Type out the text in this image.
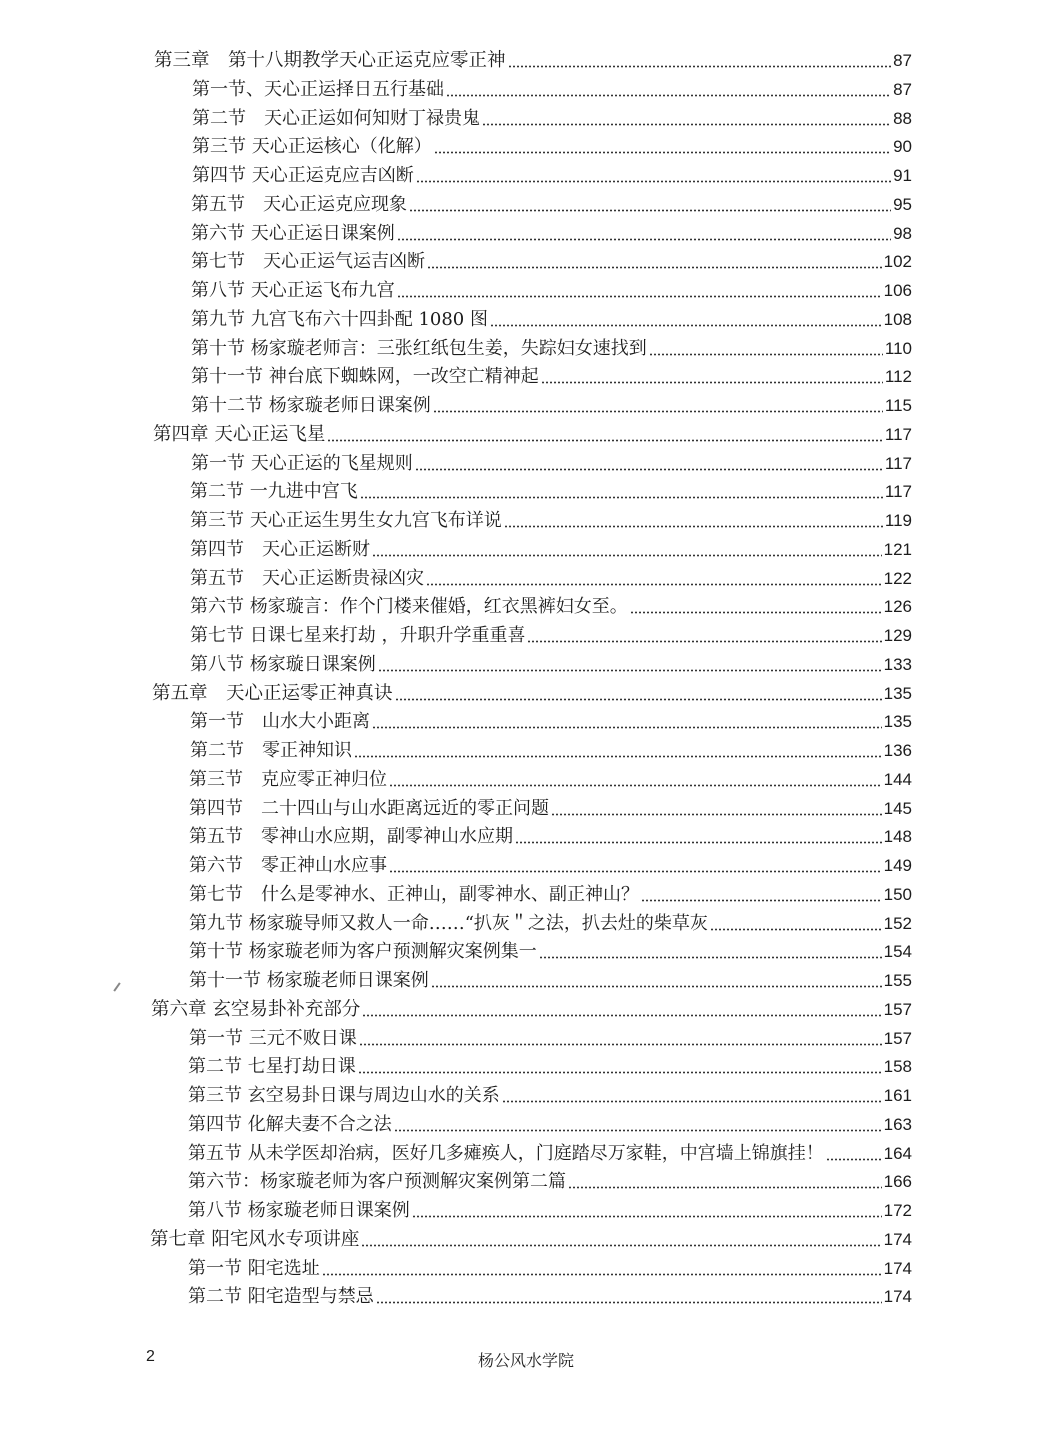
第三章　第十八期教学天心正运克应零正神	87
第一节、天心正运择日五行基础	87
第二节　天心正运如何知财丁禄贵鬼	88
第三节 天心正运核心（化解）	90
第四节 天心正运克应吉凶断	91
第五节　天心正运克应现象	95
第六节 天心正运日课案例	98
第七节　天心正运气运吉凶断	102
第八节 天心正运飞布九宫	106
第九节 九宫飞布六十四卦配 1080 图	108
第十节 杨家璇老师言：三张红纸包生姜，失踪妇女速找到	110
第十一节 神台底下蜘蛛网，一改空亡精神起	112
第十二节 杨家璇老师日课案例	115
第四章 天心正运飞星	117
第一节 天心正运的飞星规则	117
第二节 一九进中宫飞	117
第三节 天心正运生男生女九宫飞布详说	119
第四节　天心正运断财	121
第五节　天心正运断贵禄凶灾	122
第六节 杨家璇言：作个门楼来催婚，红衣黑裤妇女至。	126
第七节 日课七星来打劫 ，升职升学重重喜	129
第八节 杨家璇日课案例	133
第五章　天心正运零正神真诀	135
第一节　山水大小距离	135
第二节　零正神知识	136
第三节　克应零正神归位	144
第四节　二十四山与山水距离远近的零正问题	145
第五节　零神山水应期，副零神山水应期	148
第六节　零正神山水应事	149
第七节　什么是零神水、正神山，副零神水、副正神山？	150
第九节 杨家璇导师又救人一命……“扒灰＂之法，扒去灶的柴草灰	152
第十节 杨家璇老师为客户预测解灾案例集一	154
第十一节 杨家璇老师日课案例	155
第六章 玄空易卦补充部分	157
第一节 三元不败日课	157
第二节 七星打劫日课	158
第三节 玄空易卦日课与周边山水的关系	161
第四节 化解夫妻不合之法	163
第五节 从未学医却治病，医好几多瘫痪人，门庭踏尽万家鞋，中宫墙上锦旗挂！	164
第六节：杨家璇老师为客户预测解灾案例第二篇	166
第八节 杨家璇老师日课案例	172
第七章 阳宅风水专项讲座	174
第一节 阳宅选址	174
第二节 阳宅造型与禁忌	174
2	杨公风水学院
